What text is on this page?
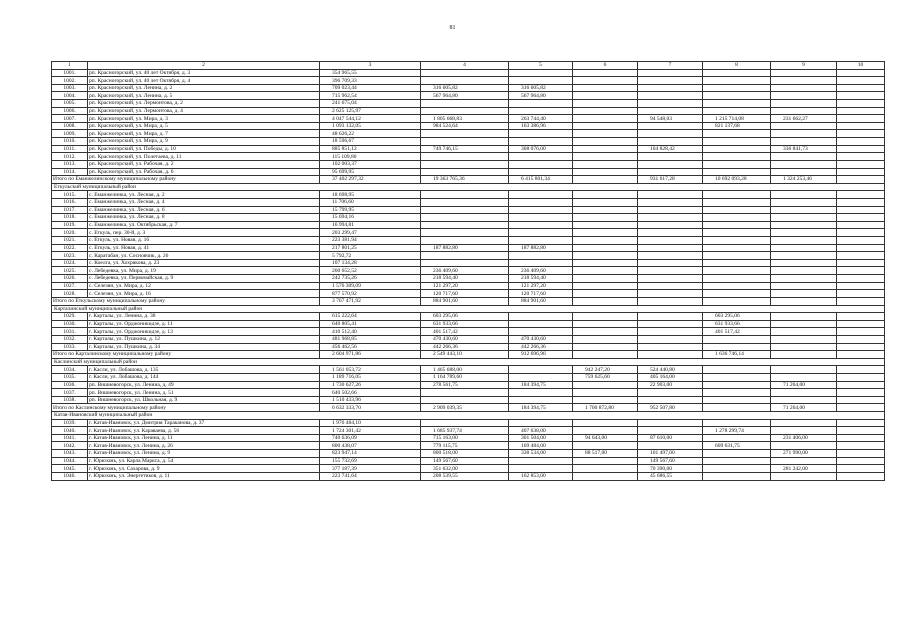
81
1	2	3	4	5	6	7	8	9	10
1001.	рп. Красногорский, ул. 40 лет Октября, д. 3	354 965,55							
1002.	рп. Красногорский, ул. 40 лет Октября, д. 4	396 709,33							
1003.	рп. Красногорский, ул. Ленина, д. 2	709 023,44	316 605,82	316 605,82					
1004.	рп. Красногорский, ул. Ленина, д. 5	715 962,54	567 964,80	567 964,80					
1005.	рп. Красногорский, ул. Лермонтова, д. 2	241 675,04							
1006.	рп. Красногорский, ул. Лермонтова, д. 4	2 625 125,97							
1007.	рп. Красногорский, ул. Мира, д. 3	4 047 544,12	1 805 668,83	263 744,40		94 548,03	1 215 714,08	231 662,27	
1008.	рп. Красногорский, ул. Мира, д. 5	1 093 132,05	984 524,64	163 386,96			821 137,68		
1009.	рп. Красногорский, ул. Мира, д. 7	48 626,22							
1010.	рп. Красногорский, ул. Мира, д. 9	18 596,67							
1011.	рп. Красногорский, ул. Победы, д. 10	885 851,12	749 746,15	308 076,00		104 828,42		336 841,73	
1012.	рп. Красногорский, ул. Полетаева, д. 11	115 109,80							
1013.	рп. Красногорский, ул. Рабочая, д. 2	102 003,37							
1014.	рп. Красногорский, ул. Рабочая, д. 6	95 699,95							
Итого по Еманжелинскому муниципальному району		37 402 297,32	19 363 765,36	6 415 801,34		931 617,28	10 692 093,28	1 324 253,46	
Еткульский муниципальный район									
1015.	с. Еманжелинка, ул. Лесная, д. 2	18 698,95							
1016.	с. Еманжелинка, ул. Лесная, д. 4	11 706,60							
1017.	с. Еманжелинка, ул. Лесная, д. 6	15 799,95							
1018.	с. Еманжелинка, ул. Лесная, д. 8	15 694,16							
1019.	с. Еманжелинка, ул. Октябрьская, д. 7	16 994,81							
1020.	с. Еткуль, пер. 30-й, д. 3	203 299,47							
1021.	с. Еткуль, ул. Новая, д. 16	223 381,94							
1022.	с. Еткуль, ул. Новая, д. 41	217 801,25	187 882,80	187 882,80					
1023.	с. Каратабан, ул. Сосновчик, д. 26	5 792,72							
1024.	с. Коелга, ул. Хохрякова, д. 23	107 134,28							
1025.	с. Лебедевка, ул. Мира, д. 19	260 652,52	236 409,60	236 409,60					
1026.	с. Лебедевка, ул. Первомайская, д. 9	242 735,26	218 594,40	218 594,40					
1027.	с. Селезян, ул. Мира, д. 12	1 576 309,09	121 297,20	121 297,20					
1028.	с. Селезян, ул. Мира, д. 16	877 570,92	120 717,60	120 717,60					
Итого по Еткульскому муниципальному району		3 767 471,92	884 901,60	884 901,60					
Карталинский муниципальный район									
1029.	г. Карталы, ул. Ленина, д. 38	615 222,64	603 295,06				603 295,06		
1030.	г. Карталы, ул. Орджоникидзе, д. 11	640 805,41	631 933,66				631 933,66		
1031.	г. Карталы, ул. Орджоникидзе, д. 13	410 512,40	401 517,42				401 517,42		
1032.	г. Карталы, ул. Пушкина, д. 12	481 968,85	470 430,60	470 430,60					
1033.	г. Карталы, ул. Пушкина, д. 34	456 462,56	442 266,36	442 266,36					
Итого по Карталинскому муниципальному району		2 604 971,86	2 549 443,10	912 696,96			1 636 746,14		
Каслинский муниципальный район									
1034.	г. Касли, ул. Лобашова, д. 135	1 561 053,72	1 465 688,00		942 247,20	524 440,80			
1035.	г. Касли, ул. Лобашова, д. 144	1 189 716,05	1 164 789,60		759 625,60	405 164,00			
1036.	рп. Вишневогорск, ул. Ленина, д. 49	1 730 627,26	278 561,75	184 394,75		22 903,00		71 264,00	
1037.	рп. Вишневогорск, ул. Ленина, д. 51	640 502,66							
1038.	рп. Вишневогорск, ул. Школьная, д. 9	1 510 433,96							
Итого по Каслинскому муниципальному району		6 632 333,70	2 909 039,35	184 394,75	1 700 872,80	952 507,80		71 264,00	
Катав-Ивановский муниципальный район									
1039.	г. Катав-Ивановск, ул. Дмитрия Тараканова, д. 37	1 976 484,10							
1040.	г. Катав-Ивановск, ул. Караваева, д. 56	1 724 301,42	1 685 937,74	407 638,00			1 278 299,74		
1041.	г. Катав-Ивановск, ул. Ленина, д. 11	740 636,09	715 163,00	301 504,00	94 643,00	87 610,00		231 406,00	
1042.	г. Катав-Ивановск, ул. Ленина, д. 26	800 438,07	779 115,75	169 484,00			609 631,75		
1043.	г. Катав-Ивановск, ул. Ленина, д. 9	823 947,14	800 518,00	338 534,00	88 517,00	101 497,00		271 990,00	
1044.	г. Юрюзань, ул. Карла Маркса, д. 54	155 732,69	149 567,60			149 567,60			
1045.	г. Юрюзань, ул. Сахарова, д. 9	377 187,39	351 632,00			70 390,00		281 242,00	
1046.	г. Юрюзань, ул. Энергетиков, д. 11	223 741,64	208 539,55	162 853,00		45 686,55			
